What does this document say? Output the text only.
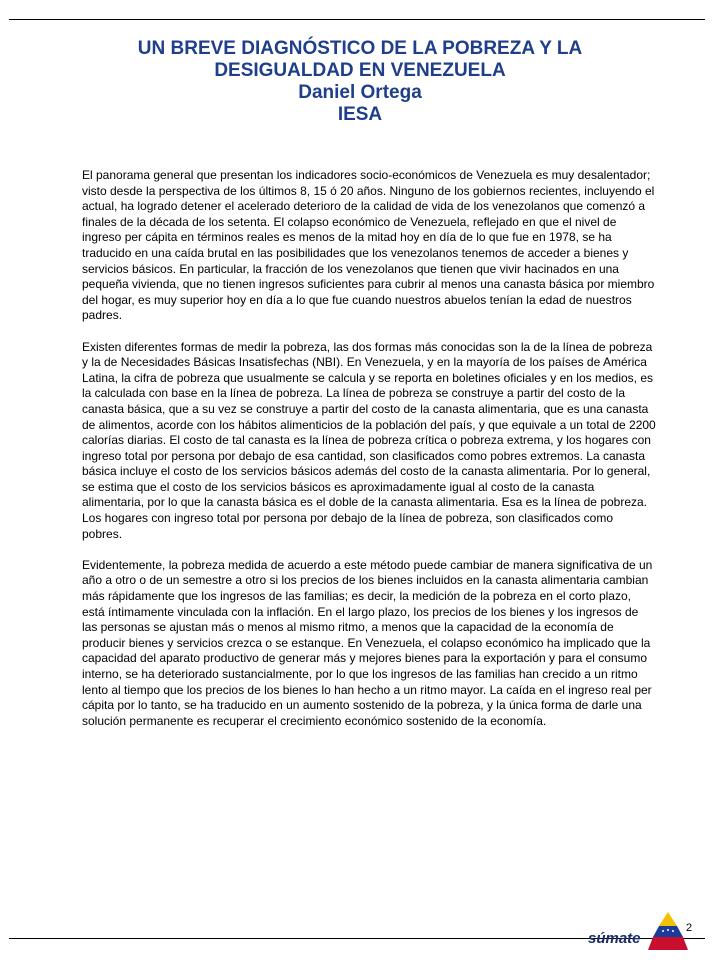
UN BREVE DIAGNÓSTICO DE LA POBREZA Y LA
DESIGUALDAD EN VENEZUELA
Daniel Ortega
IESA

El panorama general que presentan los indicadores socio-económicos de Venezuela es muy desalentador; visto desde la perspectiva de los últimos 8, 15 ó 20 años. Ninguno de los gobiernos recientes, incluyendo el actual, ha logrado detener el acelerado deterioro de la calidad de vida de los venezolanos que comenzó a finales de la década de los setenta. El colapso económico de Venezuela, reflejado en que el nivel de ingreso per cápita en términos reales es menos de la mitad hoy en día de lo que fue en 1978, se ha traducido en una caída brutal en las posibilidades que los venezolanos tenemos de acceder a bienes y servicios básicos. En particular, la fracción de los venezolanos que tienen que vivir hacinados en una pequeña vivienda, que no tienen ingresos suficientes para cubrir al menos una canasta básica por miembro del hogar, es muy superior hoy en día a lo que fue cuando nuestros abuelos tenían la edad de nuestros padres.

Existen diferentes formas de medir la pobreza, las dos formas más conocidas son la de la línea de pobreza y la de Necesidades Básicas Insatisfechas (NBI). En Venezuela, y en la mayoría de los países de América Latina, la cifra de pobreza que usualmente se calcula y se reporta en boletines oficiales y en los medios, es la calculada con base en la línea de pobreza. La línea de pobreza se construye a partir del costo de la canasta básica, que a su vez se construye a partir del costo de la canasta alimentaria, que es una canasta de alimentos, acorde con los hábitos alimenticios de la población del país, y que equivale a un total de 2200 calorías diarias. El costo de tal canasta es la línea de pobreza crítica o pobreza extrema, y los hogares con ingreso total por persona por debajo de esa cantidad, son clasificados como pobres extremos. La canasta básica incluye el costo de los servicios básicos además del costo de la canasta alimentaria. Por lo general, se estima que el costo de los servicios básicos es aproximadamente igual al costo de la canasta alimentaria, por lo que la canasta básica es el doble de la canasta alimentaria. Esa es la línea de pobreza. Los hogares con ingreso total por persona por debajo de la línea de pobreza, son clasificados como pobres.

Evidentemente, la pobreza medida de acuerdo a este método puede cambiar de manera significativa de un año a otro o de un semestre a otro si los precios de los bienes incluidos en la canasta alimentaria cambian más rápidamente que los ingresos de las familias; es decir, la medición de la pobreza en el corto plazo, está íntimamente vinculada con la inflación. En el largo plazo, los precios de los bienes y los ingresos de las personas se ajustan más o menos al mismo ritmo, a menos que la capacidad de la economía de producir bienes y servicios crezca o se estanque. En Venezuela, el colapso económico ha implicado que la capacidad del aparato productivo de generar más y mejores bienes para la exportación y para el consumo interno, se ha deteriorado sustancialmente, por lo que los ingresos de las familias han crecido a un ritmo lento al tiempo que los precios de los bienes lo han hecho a un ritmo mayor. La caída en el ingreso real per cápita por lo tanto, se ha traducido en un aumento sostenido de la pobreza, y la única forma de darle una solución permanente es recuperar el crecimiento económico sostenido de la economía.

súmate
2
